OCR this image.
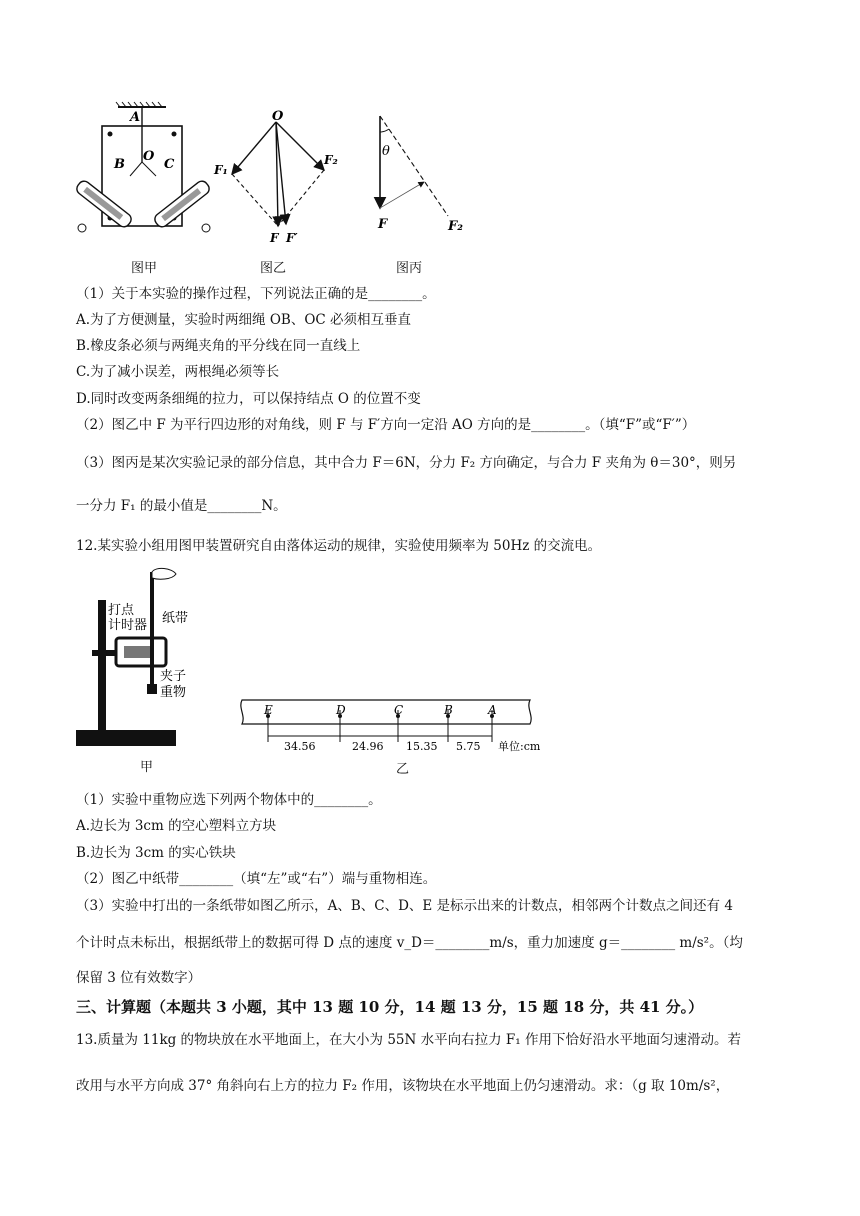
A
B
O
C
图甲
O
F₁
F₂
F F′
图乙
θ
F	F₂
图丙
（1）关于本实验的操作过程，下列说法正确的是________。
A.为了方便测量，实验时两细绳 OB、OC 必须相互垂直
B.橡皮条必须与两绳夹角的平分线在同一直线上
C.为了减小误差，两根绳必须等长
D.同时改变两条细绳的拉力，可以保持结点 O 的位置不变
（2）图乙中 F 为平行四边形的对角线，则 F 与 F′方向一定沿 AO 方向的是________。（填“F”或“F′”）
（3）图丙是某次实验记录的部分信息，其中合力 F＝6N，分力 F₂ 方向确定，与合力 F 夹角为 θ＝30°，则另
一分力 F₁ 的最小值是________N。
12.某实验小组用图甲装置研究自由落体运动的规律，实验使用频率为 50Hz 的交流电。
打点
计时器 纸带
夹子
重物
甲
E	D	C	B	A
34.56	24.96 15.35 5.75 单位:cm
乙
（1）实验中重物应选下列两个物体中的________。
A.边长为 3cm 的空心塑料立方块
B.边长为 3cm 的实心铁块
（2）图乙中纸带________（填“左”或“右”）端与重物相连。
（3）实验中打出的一条纸带如图乙所示，A、B、C、D、E 是标示出来的计数点，相邻两个计数点之间还有 4
个计时点未标出，根据纸带上的数据可得 D 点的速度 v_D＝________m/s，重力加速度 g＝________ m/s²。（均
保留 3 位有效数字）
三、计算题（本题共 3 小题，其中 13 题 10 分，14 题 13 分，15 题 18 分，共 41 分。）
13.质量为 11kg 的物块放在水平地面上，在大小为 55N 水平向右拉力 F₁ 作用下恰好沿水平地面匀速滑动。若
改用与水平方向成 37° 角斜向右上方的拉力 F₂ 作用，该物块在水平地面上仍匀速滑动。求：（g 取 10m/s²，
